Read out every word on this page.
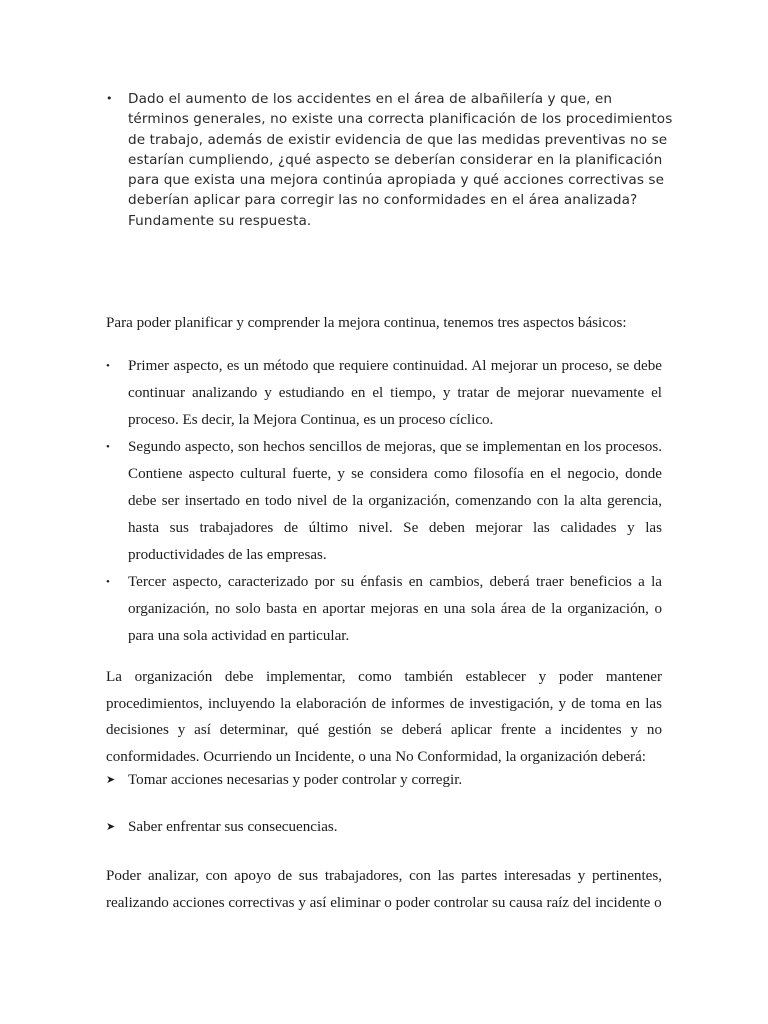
• Dado el aumento de los accidentes en el área de albañilería y que, en términos generales, no existe una correcta planificación de los procedimientos de trabajo, además de existir evidencia de que las medidas preventivas no se estarían cumpliendo, ¿qué aspecto se deberían considerar en la planificación para que exista una mejora continúa apropiada y qué acciones correctivas se deberían aplicar para corregir las no conformidades en el área analizada? Fundamente su respuesta.
Para poder planificar y comprender la mejora continua, tenemos tres aspectos básicos:
• Primer aspecto, es un método que requiere continuidad. Al mejorar un proceso, se debe continuar analizando y estudiando en el tiempo, y tratar de mejorar nuevamente el proceso. Es decir, la Mejora Continua, es un proceso cíclico.
• Segundo aspecto, son hechos sencillos de mejoras, que se implementan en los procesos. Contiene aspecto cultural fuerte, y se considera como filosofía en el negocio, donde debe ser insertado en todo nivel de la organización, comenzando con la alta gerencia, hasta sus trabajadores de último nivel. Se deben mejorar las calidades y las productividades de las empresas.
• Tercer aspecto, caracterizado por su énfasis en cambios, deberá traer beneficios a la organización, no solo basta en aportar mejoras en una sola área de la organización, o para una sola actividad en particular.
La organización debe implementar, como también establecer y poder mantener procedimientos, incluyendo la elaboración de informes de investigación, y de toma en las decisiones y así determinar, qué gestión se deberá aplicar frente a incidentes y no conformidades. Ocurriendo un Incidente, o una No Conformidad, la organización deberá:
➤ Tomar acciones necesarias y poder controlar y corregir.
➤ Saber enfrentar sus consecuencias.
Poder analizar, con apoyo de sus trabajadores, con las partes interesadas y pertinentes, realizando acciones correctivas y así eliminar o poder controlar su causa raíz del incidente o
